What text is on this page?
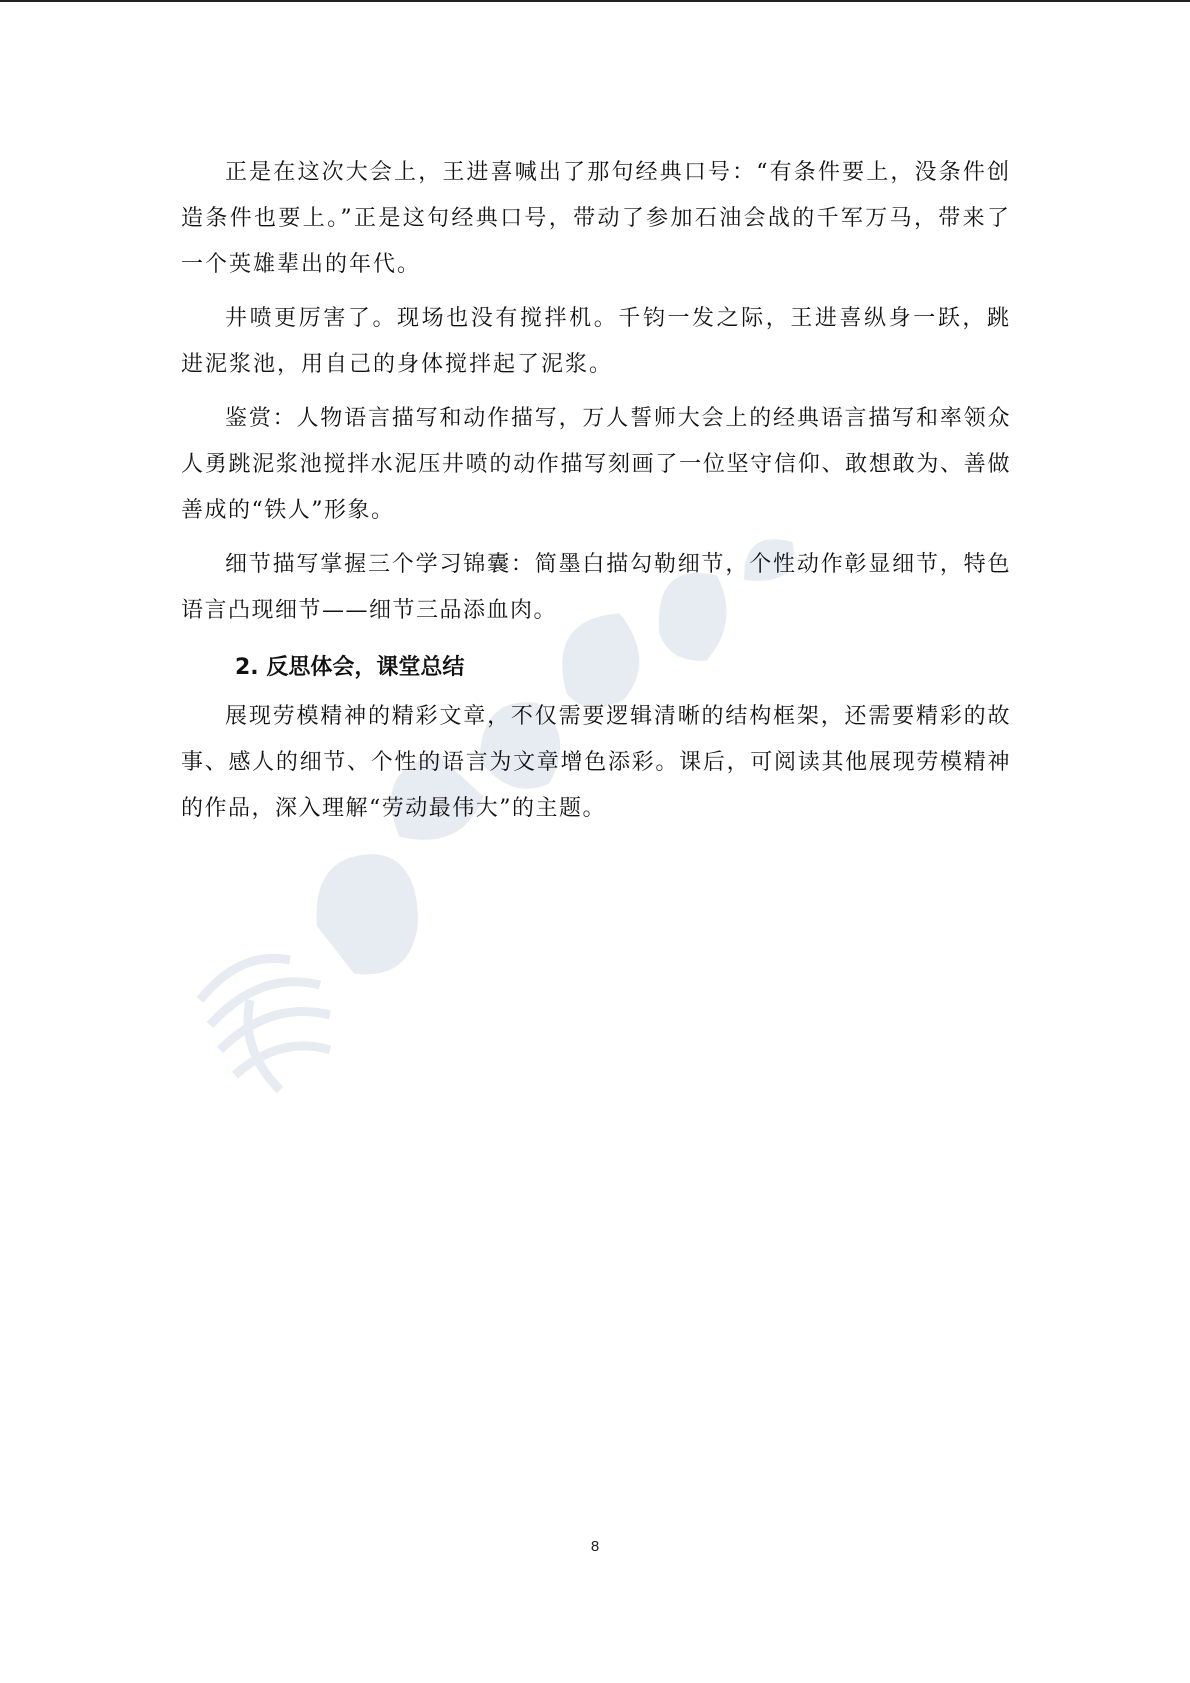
正是在这次大会上，王进喜喊出了那句经典口号：“有条件要上，没条件创造条件也要上。”正是这句经典口号，带动了参加石油会战的千军万马，带来了一个英雄辈出的年代。

井喷更厉害了。现场也没有搅拌机。千钧一发之际，王进喜纵身一跃，跳进泥浆池，用自己的身体搅拌起了泥浆。

鉴赏：人物语言描写和动作描写，万人誓师大会上的经典语言描写和率领众人勇跳泥浆池搅拌水泥压井喷的动作描写刻画了一位坚守信仰、敢想敢为、善做善成的“铁人”形象。

细节描写掌握三个学习锦囊：简墨白描勾勒细节，个性动作彰显细节，特色语言凸现细节——细节三品添血肉。

2. 反思体会，课堂总结

展现劳模精神的精彩文章，不仅需要逻辑清晰的结构框架，还需要精彩的故事、感人的细节、个性的语言为文章增色添彩。课后，可阅读其他展现劳模精神的作品，深入理解“劳动最伟大”的主题。

8
